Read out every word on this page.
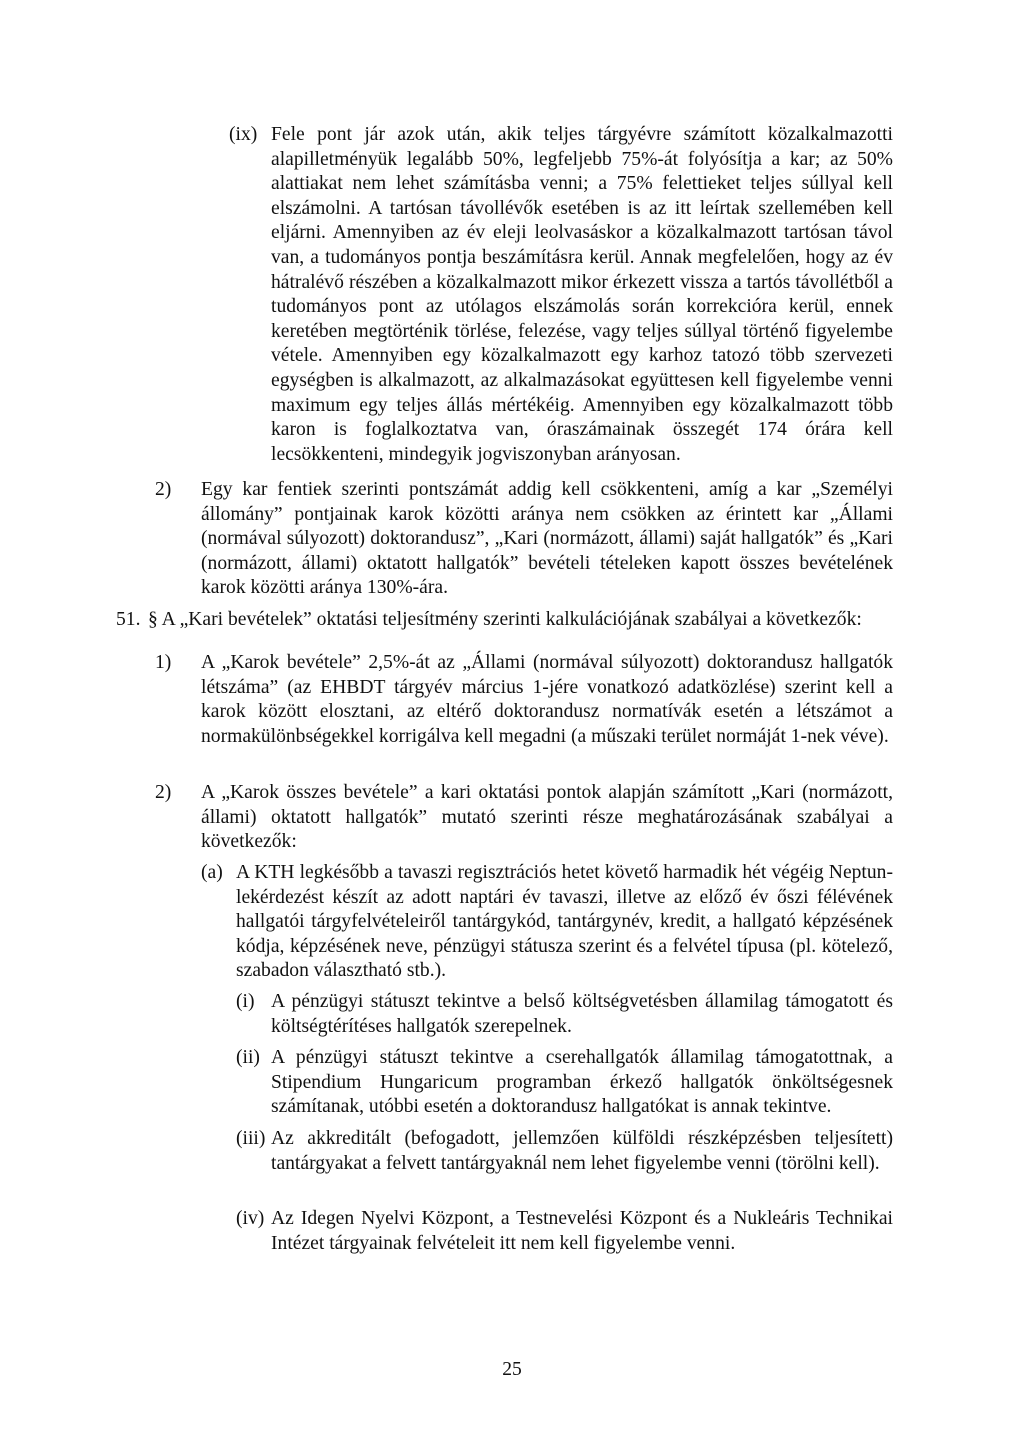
(ix) Fele pont jár azok után, akik teljes tárgyévre számított közalkalmazotti alapilletményük legalább 50%, legfeljebb 75%-át folyósítja a kar; az 50% alattiakat nem lehet számításba venni; a 75% felettieket teljes súllyal kell elszámolni. A tartósan távollévők esetében is az itt leírtak szellemében kell eljárni. Amennyiben az év eleji leolvasáskor a közalkalmazott tartósan távol van, a tudományos pontja beszámításra kerül. Annak megfelelően, hogy az év hátralévő részében a közalkalmazott mikor érkezett vissza a tartós távollétből a tudományos pont az utólagos elszámolás során korrekcióra kerül, ennek keretében megtörténik törlése, felezése, vagy teljes súllyal történő figyelembe vétele. Amennyiben egy közalkalmazott egy karhoz tatozó több szervezeti egységben is alkalmazott, az alkalmazásokat együttesen kell figyelembe venni maximum egy teljes állás mértékéig. Amennyiben egy közalkalmazott több karon is foglalkoztatva van, óraszámainak összegét 174 órára kell lecsökkenteni, mindegyik jogviszonyban arányosan.

2) Egy kar fentiek szerinti pontszámát addig kell csökkenteni, amíg a kar „Személyi állomány” pontjainak karok közötti aránya nem csökken az érintett kar „Állami (normával súlyozott) doktorandusz”, „Kari (normázott, állami) saját hallgatók” és „Kari (normázott, állami) oktatott hallgatók” bevételi tételeken kapott összes bevételének karok közötti aránya 130%-ára.

51. § A „Kari bevételek” oktatási teljesítmény szerinti kalkulációjának szabályai a következők:

1) A „Karok bevétele” 2,5%-át az „Állami (normával súlyozott) doktorandusz hallgatók létszáma” (az EHBDT tárgyév március 1-jére vonatkozó adatközlése) szerint kell a karok között elosztani, az eltérő doktorandusz normatívák esetén a létszámot a normakülönbségekkel korrigálva kell megadni (a műszaki terület normáját 1-nek véve).

2) A „Karok összes bevétele” a kari oktatási pontok alapján számított „Kari (normázott, állami) oktatott hallgatók” mutató szerinti része meghatározásának szabályai a következők:

(a) A KTH legkésőbb a tavaszi regisztrációs hetet követő harmadik hét végéig Neptun-lekérdezést készít az adott naptári év tavaszi, illetve az előző év őszi félévének hallgatói tárgyfelvételeiről tantárgykód, tantárgynév, kredit, a hallgató képzésének kódja, képzésének neve, pénzügyi státusza szerint és a felvétel típusa (pl. kötelező, szabadon választható stb.).

(i) A pénzügyi státuszt tekintve a belső költségvetésben államilag támogatott és költségtérítéses hallgatók szerepelnek.

(ii) A pénzügyi státuszt tekintve a cserehallgatók államilag támogatottnak, a Stipendium Hungaricum programban érkező hallgatók önköltségesnek számítanak, utóbbi esetén a doktorandusz hallgatókat is annak tekintve.

(iii) Az akkreditált (befogadott, jellemzően külföldi részképzésben teljesített) tantárgyakat a felvett tantárgyaknál nem lehet figyelembe venni (törölni kell).

(iv) Az Idegen Nyelvi Központ, a Testnevelési Központ és a Nukleáris Technikai Intézet tárgyainak felvételeit itt nem kell figyelembe venni.

25
